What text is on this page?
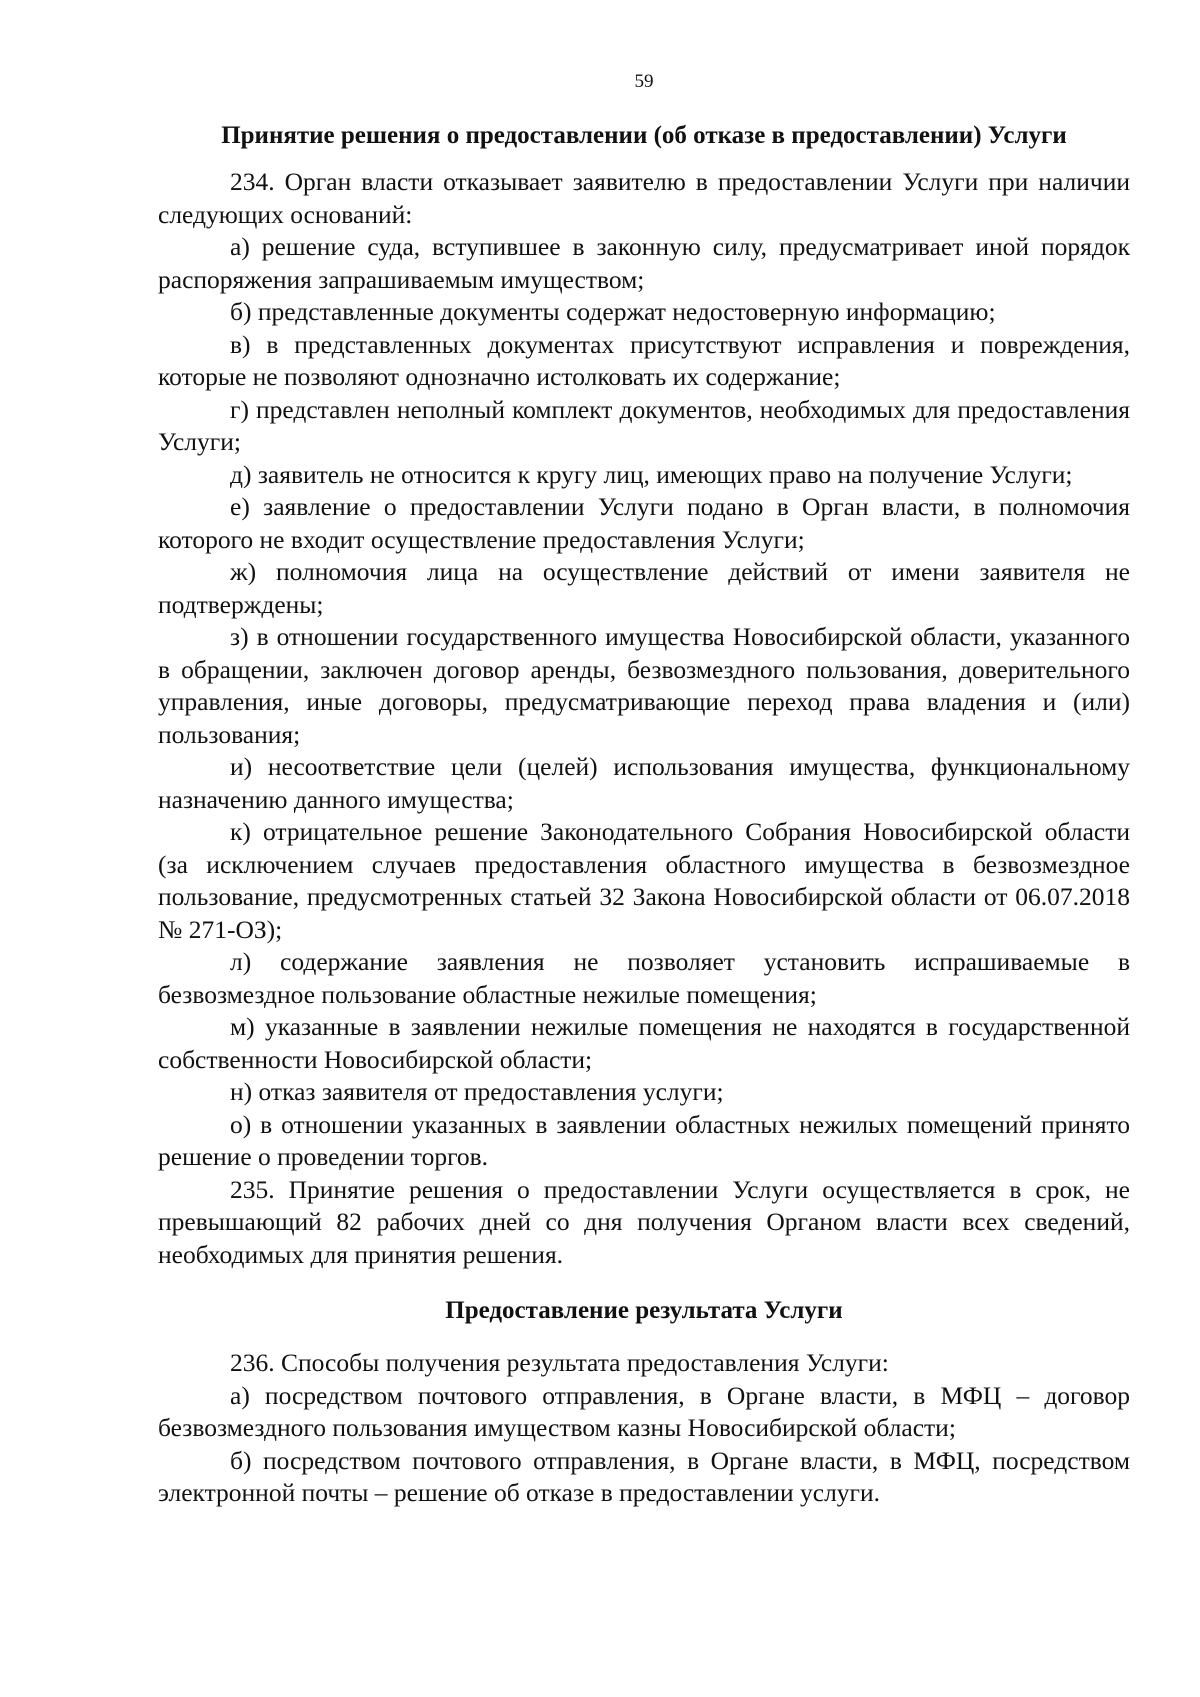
59
Принятие решения о предоставлении (об отказе в предоставлении) Услуги

234. Орган власти отказывает заявителю в предоставлении Услуги при наличии следующих оснований:

а) решение суда, вступившее в законную силу, предусматривает иной порядок распоряжения запрашиваемым имуществом;

б) представленные документы содержат недостоверную информацию;

в) в представленных документах присутствуют исправления и повреждения, которые не позволяют однозначно истолковать их содержание;

г) представлен неполный комплект документов, необходимых для предоставления Услуги;

д) заявитель не относится к кругу лиц, имеющих право на получение Услуги;

е) заявление о предоставлении Услуги подано в Орган власти, в полномочия которого не входит осуществление предоставления Услуги;

ж) полномочия лица на осуществление действий от имени заявителя не подтверждены;

з) в отношении государственного имущества Новосибирской области, указанного в обращении, заключен договор аренды, безвозмездного пользования, доверительного управления, иные договоры, предусматривающие переход права владения и (или) пользования;

и) несоответствие цели (целей) использования имущества, функциональному назначению данного имущества;

к) отрицательное решение Законодательного Собрания Новосибирской области (за исключением случаев предоставления областного имущества в безвозмездное пользование, предусмотренных статьей 32 Закона Новосибирской области от 06.07.2018 № 271-ОЗ);

л) содержание заявления не позволяет установить испрашиваемые в безвозмездное пользование областные нежилые помещения;

м) указанные в заявлении нежилые помещения не находятся в государственной собственности Новосибирской области;

н) отказ заявителя от предоставления услуги;

о) в отношении указанных в заявлении областных нежилых помещений принято решение о проведении торгов.

235. Принятие решения о предоставлении Услуги осуществляется в срок, не превышающий 82 рабочих дней со дня получения Органом власти всех сведений, необходимых для принятия решения.

Предоставление результата Услуги

236. Способы получения результата предоставления Услуги:

а) посредством почтового отправления, в Органе власти, в МФЦ – договор безвозмездного пользования имуществом казны Новосибирской области;

б) посредством почтового отправления, в Органе власти, в МФЦ, посредством электронной почты – решение об отказе в предоставлении услуги.
